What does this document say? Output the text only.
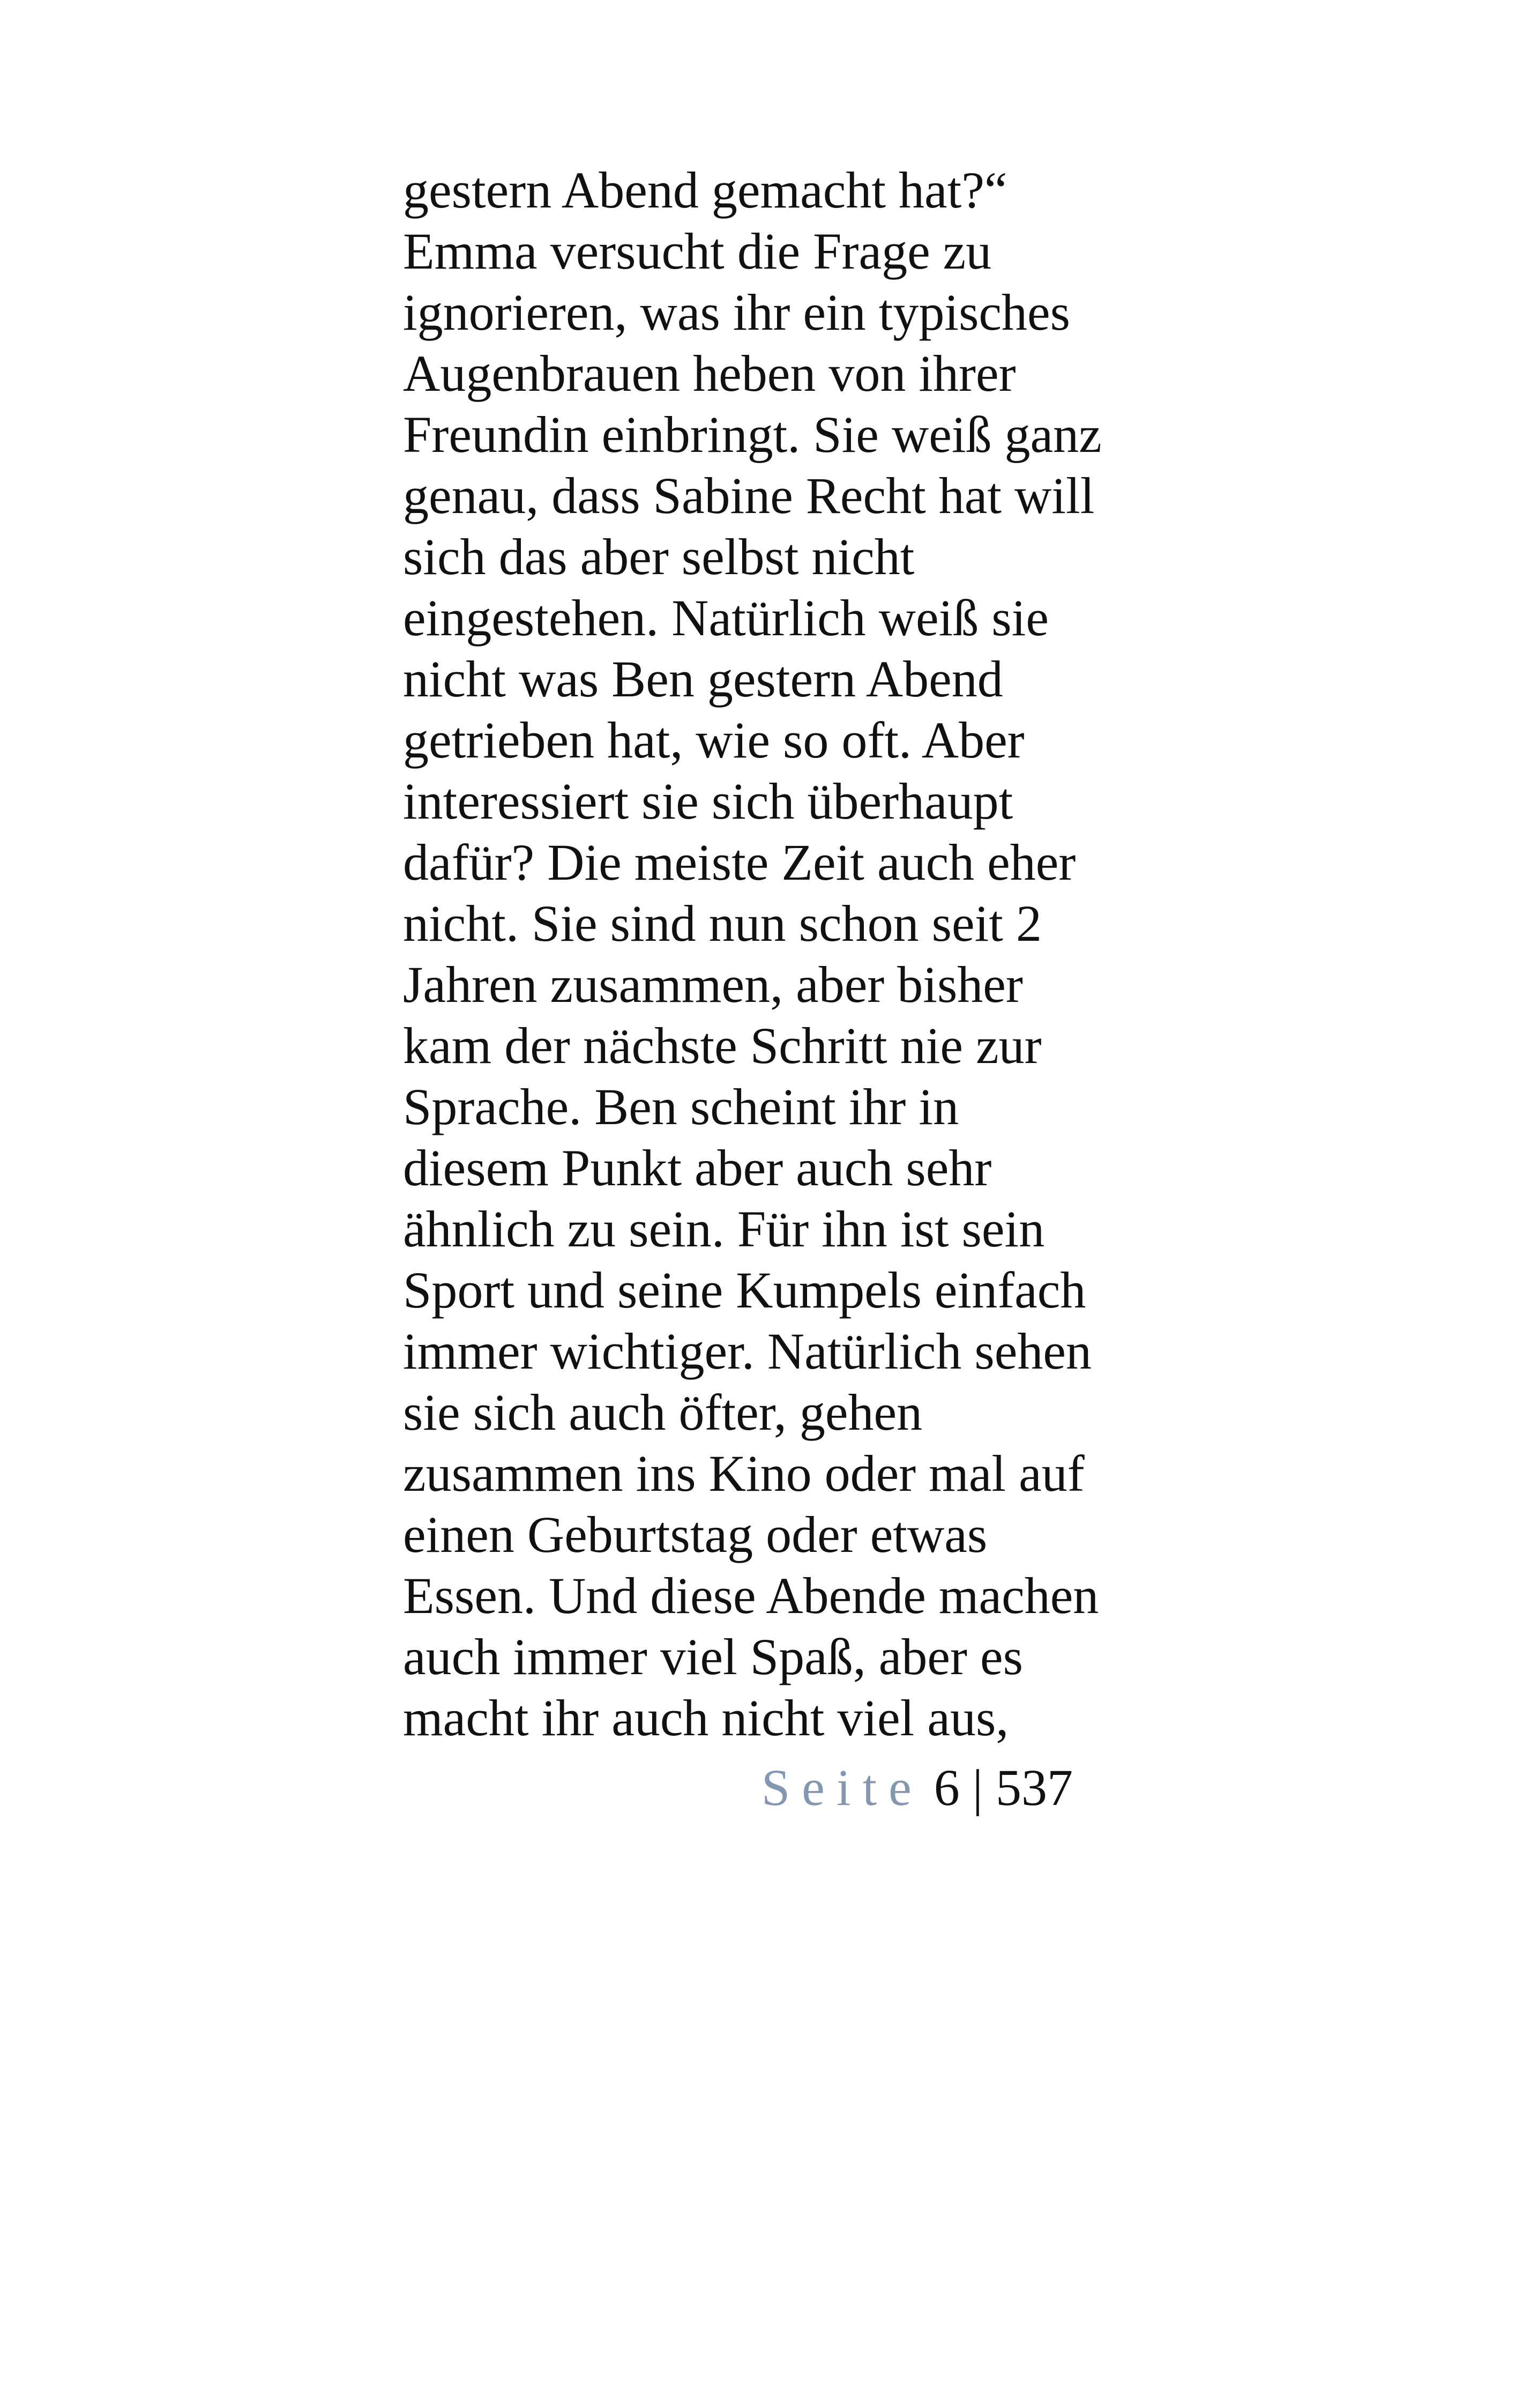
gestern Abend gemacht hat?“
Emma versucht die Frage zu
ignorieren, was ihr ein typisches
Augenbrauen heben von ihrer
Freundin einbringt. Sie weiß ganz
genau, dass Sabine Recht hat will
sich das aber selbst nicht
eingestehen. Natürlich weiß sie
nicht was Ben gestern Abend
getrieben hat, wie so oft. Aber
interessiert sie sich überhaupt
dafür? Die meiste Zeit auch eher
nicht. Sie sind nun schon seit 2
Jahren zusammen, aber bisher
kam der nächste Schritt nie zur
Sprache. Ben scheint ihr in
diesem Punkt aber auch sehr
ähnlich zu sein. Für ihn ist sein
Sport und seine Kumpels einfach
immer wichtiger. Natürlich sehen
sie sich auch öfter, gehen
zusammen ins Kino oder mal auf
einen Geburtstag oder etwas
Essen. Und diese Abende machen
auch immer viel Spaß, aber es
macht ihr auch nicht viel aus,
Seite 6 | 537
